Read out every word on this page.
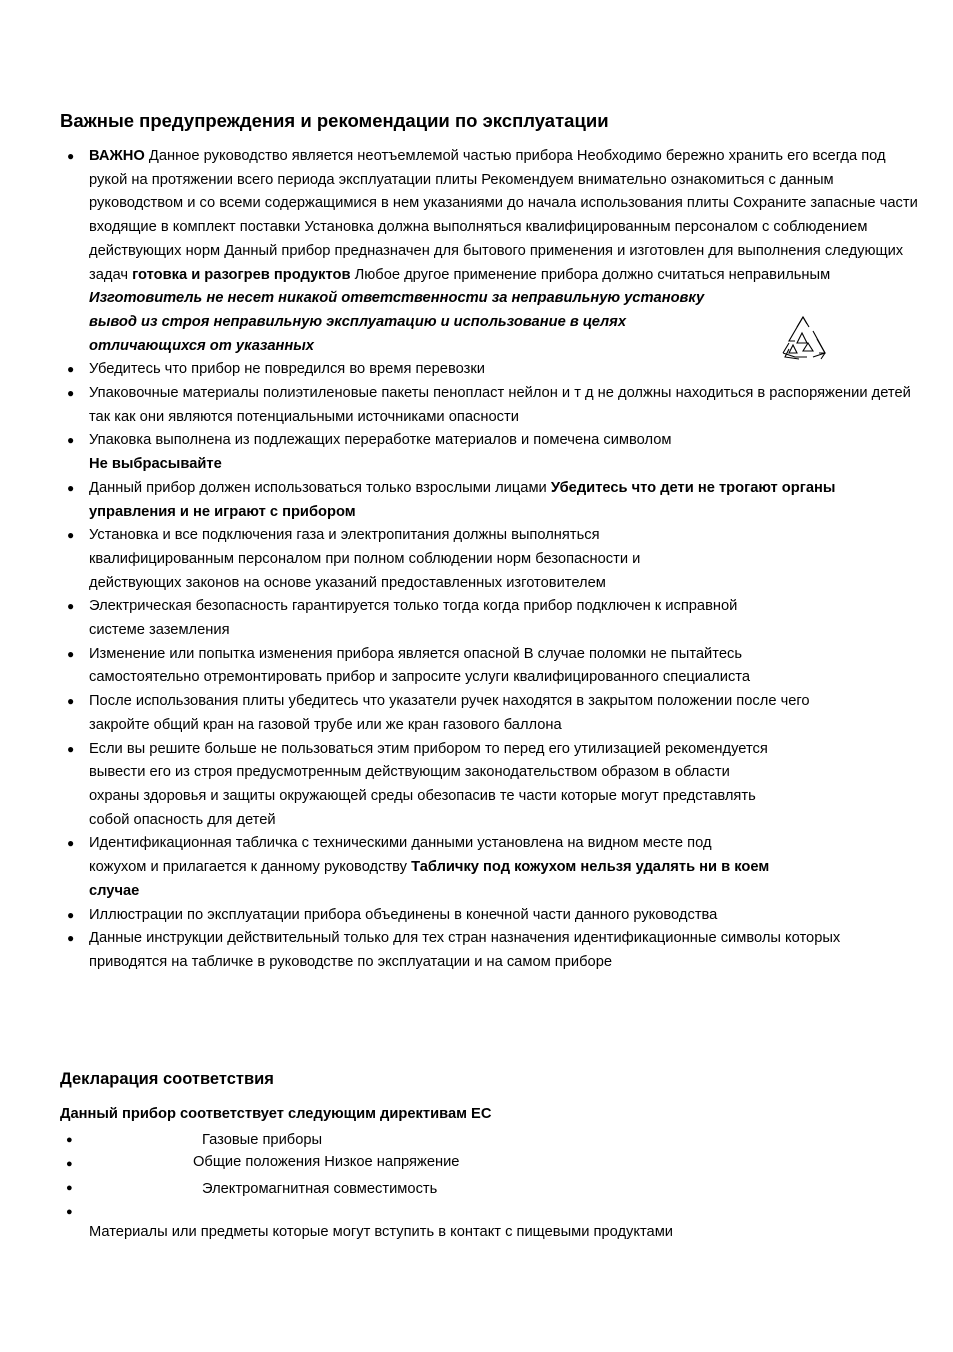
Важные предупреждения и рекомендации по эксплуатации
● ВАЖНО Данное руководство является неотъемлемой частью прибора Необходимо бережно хранить его всегда под рукой на протяжении всего периода эксплуатации плиты Рекомендуем внимательно ознакомиться с данным руководством и со всеми содержащимися в нем указаниями до начала использования плиты Сохраните запасные части входящие в комплект поставки Установка должна выполняться квалифицированным персоналом с соблюдением действующих норм Данный прибор предназначен для бытового применения и изготовлен для выполнения следующих задач готовка и разогрев продуктов Любое другое применение прибора должно считаться неправильным
Изготовитель не несет никакой ответственности за неправильную установку вывод из строя неправильную эксплуатацию и использование в целях отличающихся от указанных
● Убедитесь что прибор не повредился во время перевозки
● Упаковочные материалы полиэтиленовые пакеты пенопласт нейлон и т д не должны находиться в распоряжении детей так как они являются потенциальными источниками опасности
● Упаковка выполнена из подлежащих переработке материалов и помечена символом
Не выбрасывайте
● Данный прибор должен использоваться только взрослыми лицами Убедитесь что дети не трогают органы управления и не играют с прибором
● Установка и все подключения газа и электропитания должны выполняться квалифицированным персоналом при полном соблюдении норм безопасности и действующих законов на основе указаний предоставленных изготовителем
● Электрическая безопасность гарантируется только тогда когда прибор подключен к исправной системе заземления
● Изменение или попытка изменения прибора является опасной В случае поломки не пытайтесь самостоятельно отремонтировать прибор и запросите услуги квалифицированного специалиста
● После использования плиты убедитесь что указатели ручек находятся в закрытом положении после чего закройте общий кран на газовой трубе или же кран газового баллона
● Если вы решите больше не пользоваться этим прибором то перед его утилизацией рекомендуется вывести его из строя предусмотренным действующим законодательством образом в области охраны здоровья и защиты окружающей среды обезопасив те части которые могут представлять собой опасность для детей
● Идентификационная табличка с техническими данными установлена на видном месте под кожухом и прилагается к данному руководству Табличку под кожухом нельзя удалять ни в коем случае
● Иллюстрации по эксплуатации прибора объединены в конечной части данного руководства
● Данные инструкции действительный только для тех стран назначения идентификационные символы которых приводятся на табличке в руководстве по эксплуатации и на самом приборе
Декларация соответствия
Данный прибор соответствует следующим директивам ЕС
● Газовые приборы
● Общие положения Низкое напряжение
● Электромагнитная совместимость
●
Материалы или предметы которые могут вступить в контакт с пищевыми продуктами
